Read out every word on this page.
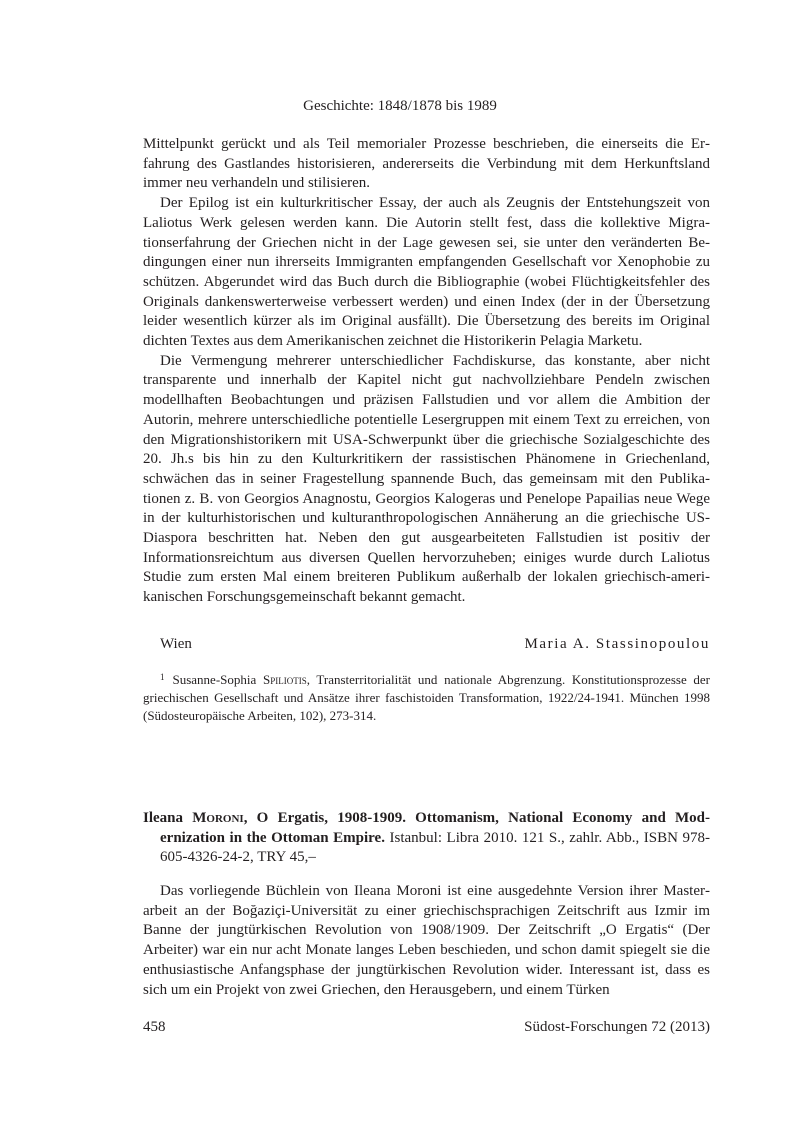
Geschichte: 1848/1878 bis 1989

Mittelpunkt gerückt und als Teil memorialer Prozesse beschrieben, die einerseits die Erfahrung des Gastlandes historisieren, andererseits die Verbindung mit dem Herkunftsland immer neu verhandeln und stilisieren.

Der Epilog ist ein kulturkritischer Essay, der auch als Zeugnis der Entstehungszeit von Laliotus Werk gelesen werden kann. Die Autorin stellt fest, dass die kollektive Migrationserfahrung der Griechen nicht in der Lage gewesen sei, sie unter den veränderten Bedingungen einer nun ihrerseits Immigranten empfangenden Gesellschaft vor Xenophobie zu schützen. Abgerundet wird das Buch durch die Bibliographie (wobei Flüchtigkeitsfehler des Originals dankenswerterweise verbessert werden) und einen Index (der in der Übersetzung leider wesentlich kürzer als im Original ausfällt). Die Übersetzung des bereits im Original dichten Textes aus dem Amerikanischen zeichnet die Historikerin Pelagia Marketu.

Die Vermengung mehrerer unterschiedlicher Fachdiskurse, das konstante, aber nicht transparente und innerhalb der Kapitel nicht gut nachvollziehbare Pendeln zwischen modellhaften Beobachtungen und präzisen Fallstudien und vor allem die Ambition der Autorin, mehrere unterschiedliche potentielle Lesergruppen mit einem Text zu erreichen, von den Migrationshistorikern mit USA-Schwerpunkt über die griechische Sozialgeschichte des 20. Jh.s bis hin zu den Kulturkritikern der rassistischen Phänomene in Griechenland, schwächen das in seiner Fragestellung spannende Buch, das gemeinsam mit den Publikationen z. B. von Georgios Anagnostu, Georgios Kalogeras und Penelope Papailias neue Wege in der kulturhistorischen und kulturanthropologischen Annäherung an die griechische US-Diaspora beschritten hat. Neben den gut ausgearbeiteten Fallstudien ist positiv der Informationsreichtum aus diversen Quellen hervorzuheben; einiges wurde durch Laliotus Studie zum ersten Mal einem breiteren Publikum außerhalb der lokalen griechisch-amerikanischen Forschungsgemeinschaft bekannt gemacht.

Wien	Maria A. Stassinopoulou

$^1$ Susanne-Sophia Spiliotis, Transterritorialität und nationale Abgrenzung. Konstitutionsprozesse der griechischen Gesellschaft und Ansätze ihrer faschistoiden Transformation, 1922/24-1941. München 1998 (Südosteuropäische Arbeiten, 102), 273-314.

Ileana Moroni, O Ergatis, 1908-1909. Ottomanism, National Economy and Modernization in the Ottoman Empire. Istanbul: Libra 2010. 121 S., zahlr. Abb., ISBN 978-605-4326-24-2, TRY 45,–

Das vorliegende Büchlein von Ileana Moroni ist eine ausgedehnte Version ihrer Masterarbeit an der Boğaziçi-Universität zu einer griechischsprachigen Zeitschrift aus Izmir im Banne der jungtürkischen Revolution von 1908/1909. Der Zeitschrift „O Ergatis“ (Der Arbeiter) war ein nur acht Monate langes Leben beschieden, und schon damit spiegelt sie die enthusiastische Anfangsphase der jungtürkischen Revolution wider. Interessant ist, dass es sich um ein Projekt von zwei Griechen, den Herausgebern, und einem Türken

458	Südost-Forschungen 72 (2013)
